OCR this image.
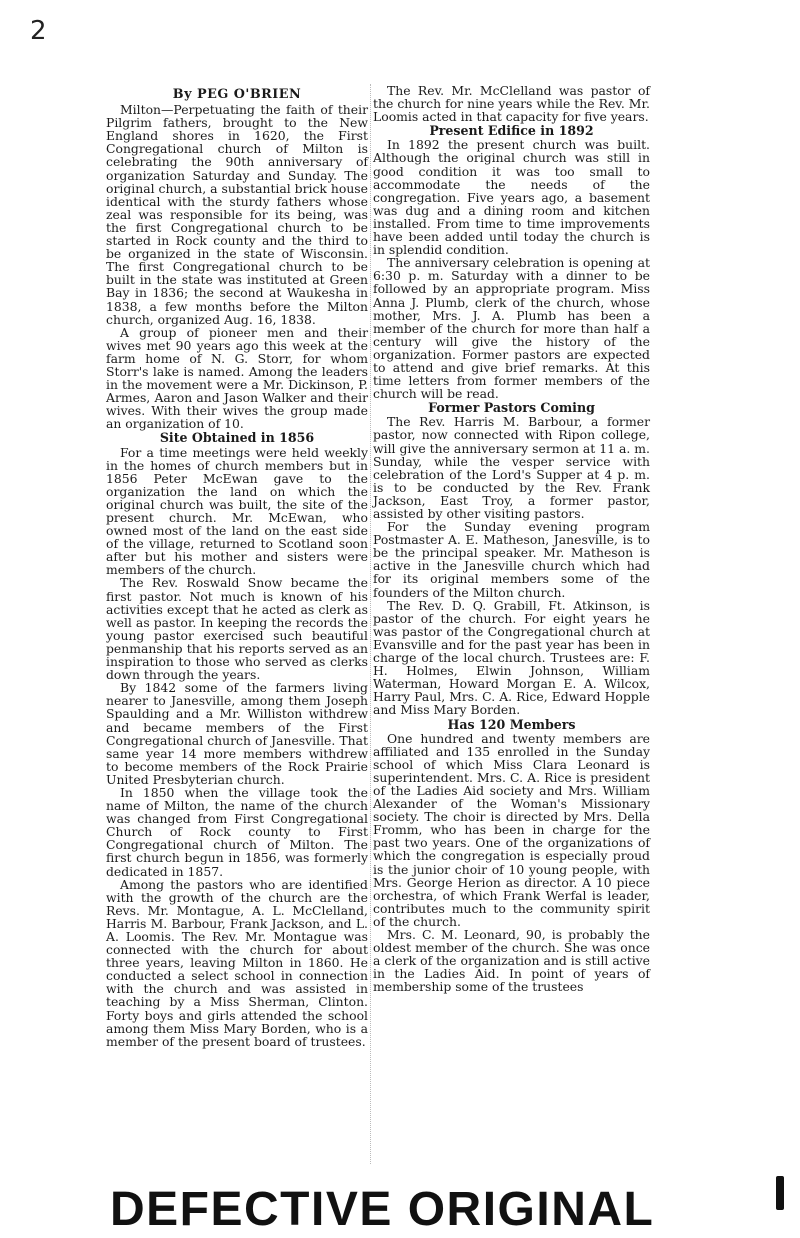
2
By PEG O'BRIEN

Milton—Perpetuating the faith of their Pilgrim fathers, brought to the New England shores in 1620, the First Congregational church of Milton is celebrating the 90th anniversary of organization Saturday and Sunday. The original church, a substantial brick house identical with the sturdy fathers whose zeal was responsible for its being, was the first Congregational church to be started in Rock county and the third to be organized in the state of Wisconsin. The first Congregational church to be built in the state was instituted at Green Bay in 1836; the second at Waukesha in 1838, a few months before the Milton church, organized Aug. 16, 1838.

A group of pioneer men and their wives met 90 years ago this week at the farm home of N. G. Storr, for whom Storr's lake is named. Among the leaders in the movement were a Mr. Dickinson, P. Armes, Aaron and Jason Walker and their wives. With their wives the group made an organization of 10.

Site Obtained in 1856

For a time meetings were held weekly in the homes of church members but in 1856 Peter McEwan gave to the organization the land on which the original church was built, the site of the present church. Mr. McEwan, who owned most of the land on the east side of the village, returned to Scotland soon after but his mother and sisters were members of the church.

The Rev. Roswald Snow became the first pastor. Not much is known of his activities except that he acted as clerk as well as pastor. In keeping the records the young pastor exercised such beautiful penmanship that his reports served as an inspiration to those who served as clerks down through the years.

By 1842 some of the farmers living nearer to Janesville, among them Joseph Spaulding and a Mr. Williston withdrew and became members of the First Congregational church of Janesville. That same year 14 more members withdrew to become members of the Rock Prairie United Presbyterian church.

In 1850 when the village took the name of Milton, the name of the church was changed from First Congregational Church of Rock county to First Congregational church of Milton. The first church begun in 1856, was formerly dedicated in 1857.

Among the pastors who are identified with the growth of the church are the Revs. Mr. Montague, A. L. McClelland, Harris M. Barbour, Frank Jackson, and L. A. Loomis. The Rev. Mr. Montague was connected with the church for about three years, leaving Milton in 1860. He conducted a select school in connection with the church and was assisted in teaching by a Miss Sherman, Clinton. Forty boys and girls attended the school among them Miss Mary Borden, who is a member of the present board of trustees.

The Rev. Mr. McClelland was pastor of the church for nine years while the Rev. Mr. Loomis acted in that capacity for five years.

Present Edifice in 1892

In 1892 the present church was built. Although the original church was still in good condition it was too small to accommodate the needs of the congregation. Five years ago, a basement was dug and a dining room and kitchen installed. From time to time improvements have been added until today the church is in splendid condition.

The anniversary celebration is opening at 6:30 p. m. Saturday with a dinner to be followed by an appropriate program. Miss Anna J. Plumb, clerk of the church, whose mother, Mrs. J. A. Plumb has been a member of the church for more than half a century will give the history of the organization. Former pastors are expected to attend and give brief remarks. At this time letters from former members of the church will be read.

Former Pastors Coming

The Rev. Harris M. Barbour, a former pastor, now connected with Ripon college, will give the anniversary sermon at 11 a. m. Sunday, while the vesper service with celebration of the Lord's Supper at 4 p. m. is to be conducted by the Rev. Frank Jackson, East Troy, a former pastor, assisted by other visiting pastors.

For the Sunday evening program Postmaster A. E. Matheson, Janesville, is to be the principal speaker. Mr. Matheson is active in the Janesville church which had for its original members some of the founders of the Milton church.

The Rev. D. Q. Grabill, Ft. Atkinson, is pastor of the church. For eight years he was pastor of the Congregational church at Evansville and for the past year has been in charge of the local church. Trustees are: F. H. Holmes, Elwin Johnson, William Waterman, Howard Morgan E. A. Wilcox, Harry Paul, Mrs. C. A. Rice, Edward Hopple and Miss Mary Borden.

Has 120 Members

One hundred and twenty members are affiliated and 135 enrolled in the Sunday school of which Miss Clara Leonard is superintendent. Mrs. C. A. Rice is president of the Ladies Aid society and Mrs. William Alexander of the Woman's Missionary society. The choir is directed by Mrs. Della Fromm, who has been in charge for the past two years. One of the organizations of which the congregation is especially proud is the junior choir of 10 young people, with Mrs. George Herion as director. A 10 piece orchestra, of which Frank Werfal is leader, contributes much to the community spirit of the church.

Mrs. C. M. Leonard, 90, is probably the oldest member of the church. She was once a clerk of the organization and is still active in the Ladies Aid. In point of years of membership some of the trustees

DEFECTIVE ORIGINAL
